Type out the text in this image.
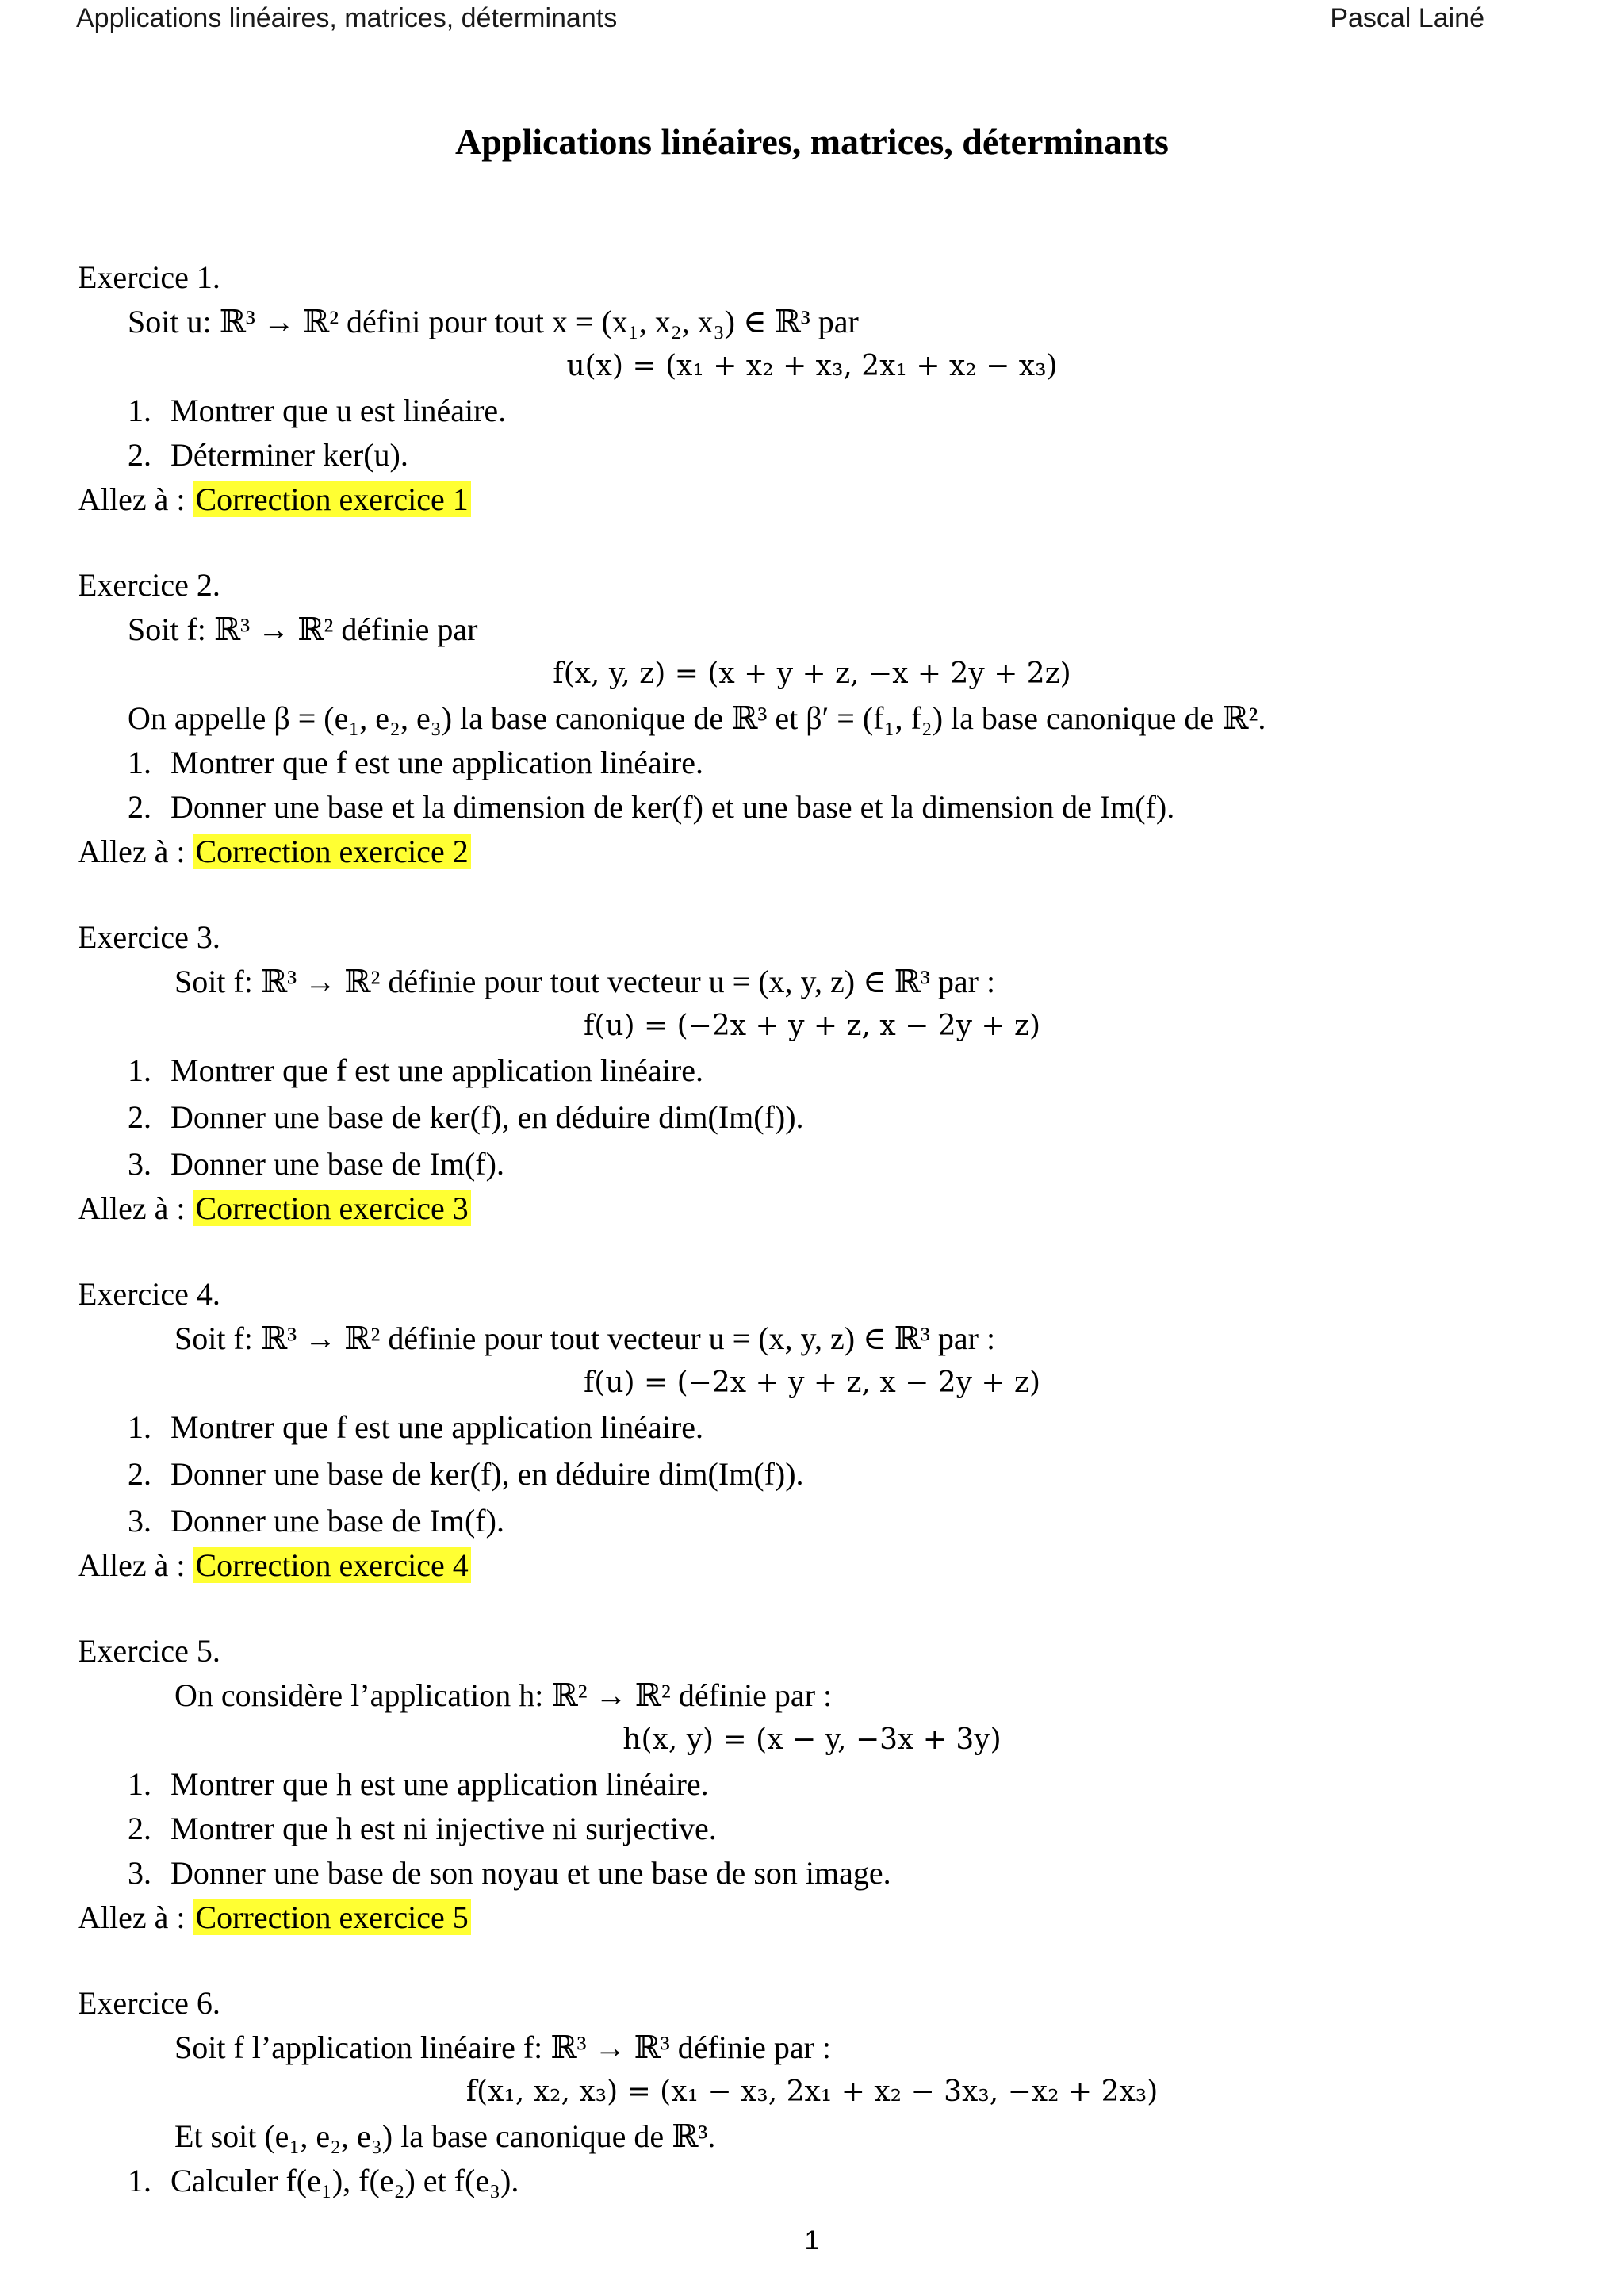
Applications linéaires, matrices, déterminants	Pascal Lainé
Applications linéaires, matrices, déterminants
Exercice 1.
Soit u: ℝ³ → ℝ² défini pour tout x = (x₁, x₂, x₃) ∈ ℝ³ par
u(x) = (x₁ + x₂ + x₃, 2x₁ + x₂ − x₃)
1. Montrer que u est linéaire.
2. Déterminer ker(u).
Allez à : Correction exercice 1
Exercice 2.
Soit f: ℝ³ → ℝ² définie par
f(x, y, z) = (x + y + z, −x + 2y + 2z)
On appelle β = (e₁, e₂, e₃) la base canonique de ℝ³ et β′ = (f₁, f₂) la base canonique de ℝ².
1. Montrer que f est une application linéaire.
2. Donner une base et la dimension de ker(f) et une base et la dimension de Im(f).
Allez à : Correction exercice 2
Exercice 3.
Soit f: ℝ³ → ℝ² définie pour tout vecteur u = (x, y, z) ∈ ℝ³ par :
f(u) = (−2x + y + z, x − 2y + z)
1. Montrer que f est une application linéaire.
2. Donner une base de ker(f), en déduire dim(Im(f)).
3. Donner une base de Im(f).
Allez à : Correction exercice 3
Exercice 4.
Soit f: ℝ³ → ℝ² définie pour tout vecteur u = (x, y, z) ∈ ℝ³ par :
f(u) = (−2x + y + z, x − 2y + z)
1. Montrer que f est une application linéaire.
2. Donner une base de ker(f), en déduire dim(Im(f)).
3. Donner une base de Im(f).
Allez à : Correction exercice 4
Exercice 5.
On considère l’application h: ℝ² → ℝ² définie par :
h(x, y) = (x − y, −3x + 3y)
1. Montrer que h est une application linéaire.
2. Montrer que h est ni injective ni surjective.
3. Donner une base de son noyau et une base de son image.
Allez à : Correction exercice 5
Exercice 6.
Soit f l’application linéaire f: ℝ³ → ℝ³ définie par :
f(x₁, x₂, x₃) = (x₁ − x₃, 2x₁ + x₂ − 3x₃, −x₂ + 2x₃)
Et soit (e₁, e₂, e₃) la base canonique de ℝ³.
1. Calculer f(e₁), f(e₂) et f(e₃).
1
